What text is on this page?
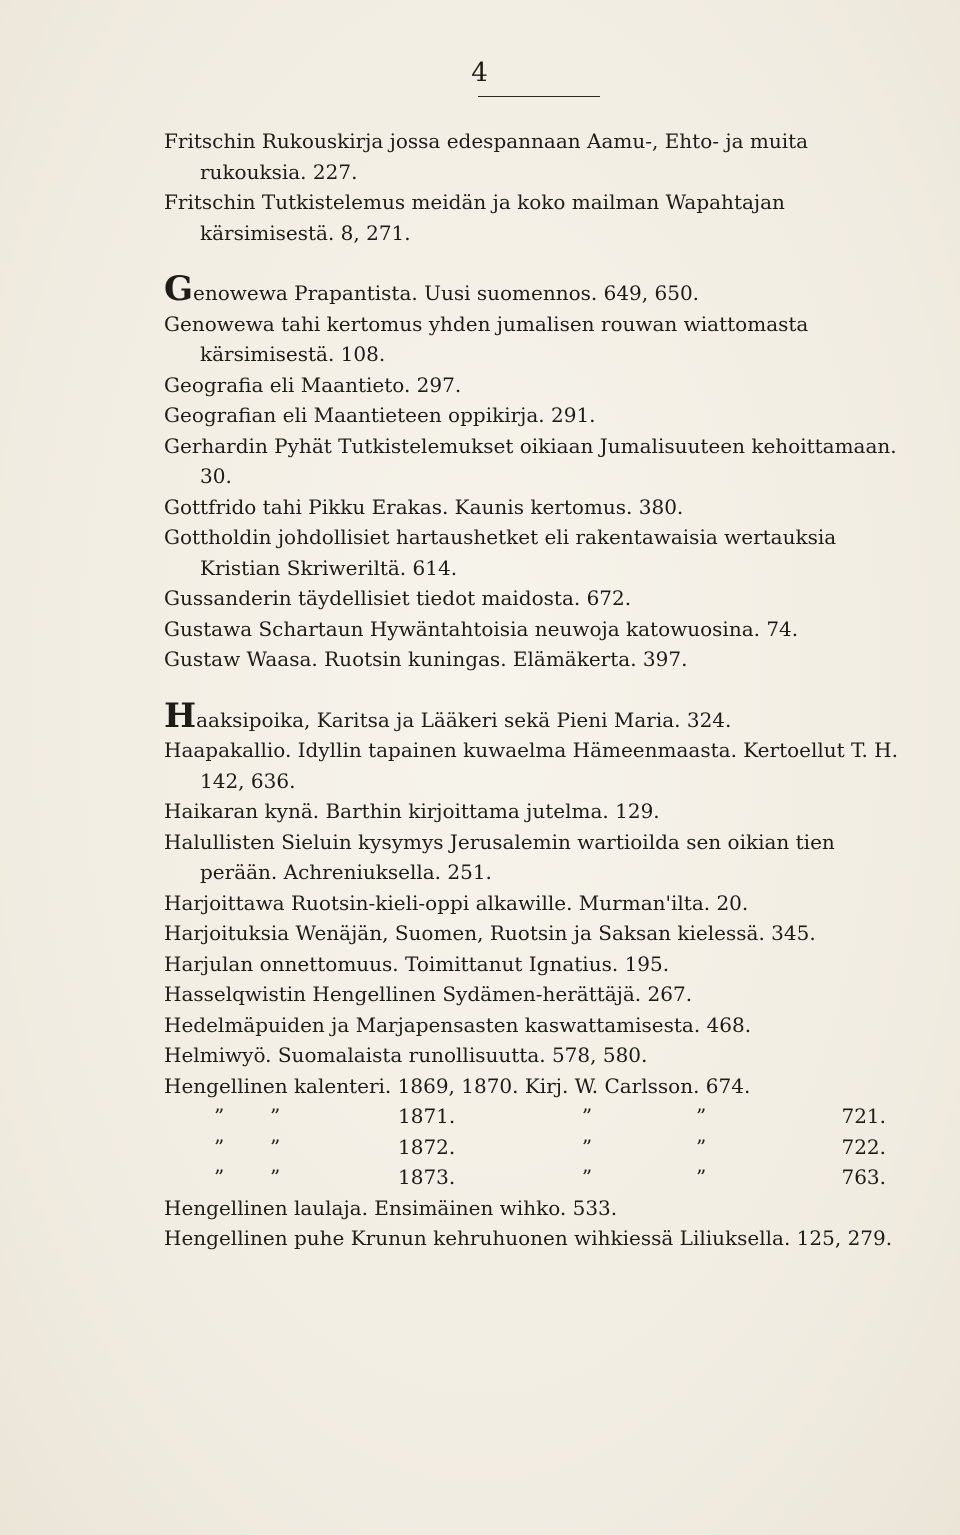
4
Fritschin Rukouskirja jossa edespannaan Aamu-, Ehto- ja muita rukouksia. 227.
Fritschin Tutkistelemus meidän ja koko mailman Wapahtajan kärsimisestä. 8, 271.
Genowewa Prapantista. Uusi suomennos. 649, 650.
Genowewa tahi kertomus yhden jumalisen rouwan wiattomasta kärsimisestä. 108.
Geografia eli Maantieto. 297.
Geografian eli Maantieteen oppikirja. 291.
Gerhardin Pyhät Tutkistelemukset oikiaan Jumalisuuteen kehoittamaan. 30.
Gottfrido tahi Pikku Erakas. Kaunis kertomus. 380.
Gottholdin johdollisiet hartaushetket eli rakentawaisia wertauksia Kristian Skriweriltä. 614.
Gussanderin täydellisiet tiedot maidosta. 672.
Gustawa Schartaun Hywäntahtoisia neuwoja katowuosina. 74.
Gustaw Waasa. Ruotsin kuningas. Elämäkerta. 397.
Haaksipoika, Karitsa ja Lääkeri sekä Pieni Maria. 324.
Haapakallio. Idyllin tapainen kuwaelma Hämeenmaasta. Kertoellut T. H. 142, 636.
Haikaran kynä. Barthin kirjoittama jutelma. 129.
Halullisten Sieluin kysymys Jerusalemin wartioilda sen oikian tien perään. Achreniuksella. 251.
Harjoittawa Ruotsin-kieli-oppi alkawille. Murman'ilta. 20.
Harjoituksia Wenäjän, Suomen, Ruotsin ja Saksan kielessä. 345.
Harjulan onnettomuus. Toimittanut Ignatius. 195.
Hasselqwistin Hengellinen Sydämen-herättäjä. 267.
Hedelmäpuiden ja Marjapensasten kaswattamisesta. 468.
Helmiwyö. Suomalaista runollisuutta. 578, 580.
Hengellinen kalenteri. 1869, 1870. Kirj. W. Carlsson. 674.
”	”	1871.	”	”	721.
”	”	1872.	”	”	722.
”	”	1873.	”	”	763.
Hengellinen laulaja. Ensimäinen wihko. 533.
Hengellinen puhe Krunun kehruhuonen wihkiessä Liliuksella. 125, 279.
